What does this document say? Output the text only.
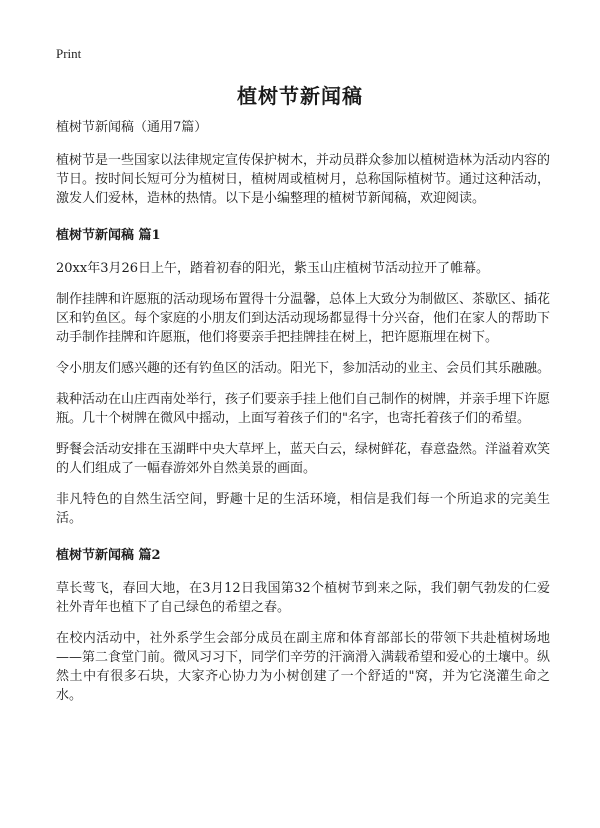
Print
植树节新闻稿

植树节新闻稿（通用7篇）

植树节是一些国家以法律规定宣传保护树木，并动员群众参加以植树造林为活动内容的节日。按时间长短可分为植树日，植树周或植树月，总称国际植树节。通过这种活动，激发人们爱林，造林的热情。以下是小编整理的植树节新闻稿，欢迎阅读。

植树节新闻稿 篇1

20xx年3月26日上午，踏着初春的阳光，紫玉山庄植树节活动拉开了帷幕。

制作挂牌和许愿瓶的活动现场布置得十分温馨，总体上大致分为制做区、茶歇区、插花区和钓鱼区。每个家庭的小朋友们到达活动现场都显得十分兴奋，他们在家人的帮助下动手制作挂牌和许愿瓶，他们将要亲手把挂牌挂在树上，把许愿瓶埋在树下。

令小朋友们感兴趣的还有钓鱼区的活动。阳光下，参加活动的业主、会员们其乐融融。

栽种活动在山庄西南处举行，孩子们要亲手挂上他们自己制作的树牌，并亲手埋下许愿瓶。几十个树牌在微风中摇动，上面写着孩子们的"名字，也寄托着孩子们的希望。

野餐会活动安排在玉湖畔中央大草坪上，蓝天白云，绿树鲜花，春意盎然。洋溢着欢笑的人们组成了一幅春游郊外自然美景的画面。

非凡特色的自然生活空间，野趣十足的生活环境，相信是我们每一个所追求的完美生活。

植树节新闻稿 篇2

草长莺飞，春回大地，在3月12日我国第32个植树节到来之际，我们朝气勃发的仁爱社外青年也植下了自己绿色的希望之春。

在校内活动中，社外系学生会部分成员在副主席和体育部部长的带领下共赴植树场地——第二食堂门前。微风习习下，同学们辛劳的汗滴滑入满载希望和爱心的土壤中。纵然土中有很多石块，大家齐心协力为小树创建了一个舒适的"窝，并为它浇灌生命之水。
